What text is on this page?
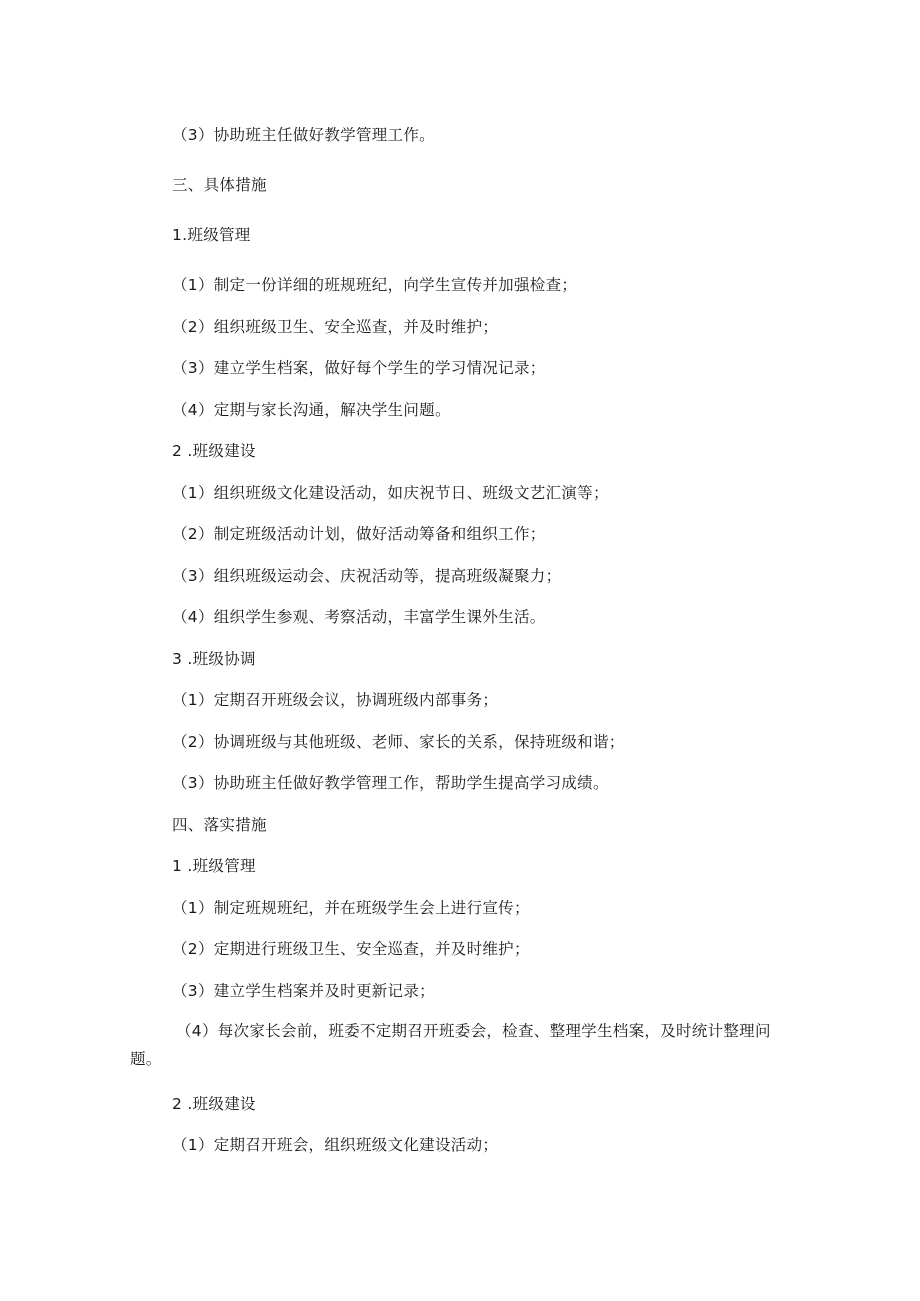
（3）协助班主任做好教学管理工作。
三、具体措施
1.班级管理
（1）制定一份详细的班规班纪，向学生宣传并加强检查；
（2）组织班级卫生、安全巡查，并及时维护；
（3）建立学生档案，做好每个学生的学习情况记录；
（4）定期与家长沟通，解决学生问题。
2 .班级建设
（1）组织班级文化建设活动，如庆祝节日、班级文艺汇演等；
（2）制定班级活动计划，做好活动筹备和组织工作；
（3）组织班级运动会、庆祝活动等，提高班级凝聚力；
（4）组织学生参观、考察活动，丰富学生课外生活。
3 .班级协调
（1）定期召开班级会议，协调班级内部事务；
（2）协调班级与其他班级、老师、家长的关系，保持班级和谐；
（3）协助班主任做好教学管理工作，帮助学生提高学习成绩。
四、落实措施
1 .班级管理
（1）制定班规班纪，并在班级学生会上进行宣传；
（2）定期进行班级卫生、安全巡查，并及时维护；
（3）建立学生档案并及时更新记录；
（4）每次家长会前，班委不定期召开班委会，检查、整理学生档案，及时统计整理问题。
2 .班级建设
（1）定期召开班会，组织班级文化建设活动；
